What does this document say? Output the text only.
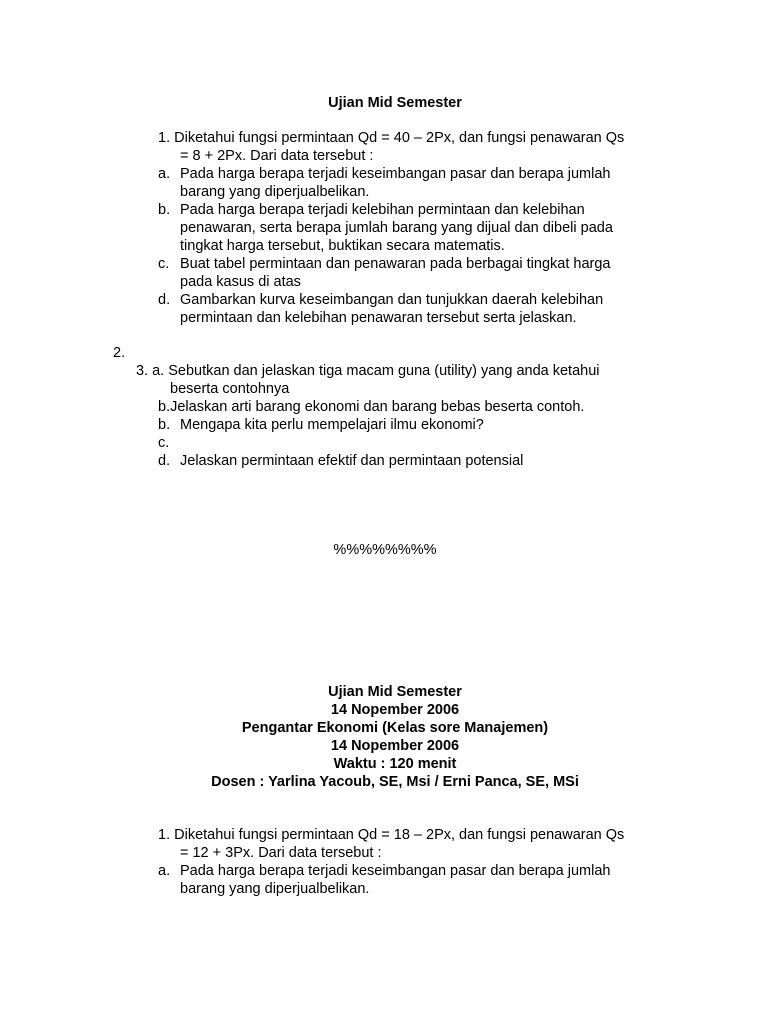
Ujian Mid Semester
1. Diketahui fungsi permintaan Qd = 40 – 2Px, dan fungsi penawaran Qs
= 8 + 2Px. Dari data tersebut :
a. Pada harga berapa terjadi keseimbangan pasar dan berapa jumlah
barang yang diperjualbelikan.
b. Pada harga berapa terjadi kelebihan permintaan dan kelebihan
penawaran, serta berapa jumlah barang yang dijual dan dibeli pada
tingkat harga tersebut, buktikan secara matematis.
c. Buat tabel permintaan dan penawaran pada berbagai tingkat harga
pada kasus di atas
d. Gambarkan kurva keseimbangan dan tunjukkan daerah kelebihan
permintaan dan kelebihan penawaran tersebut serta jelaskan.
2.
3. a. Sebutkan dan jelaskan tiga macam guna (utility) yang anda ketahui
beserta contohnya
b.Jelaskan arti barang ekonomi dan barang bebas beserta contoh.
b. Mengapa kita perlu mempelajari ilmu ekonomi?
c.
d. Jelaskan permintaan efektif dan permintaan potensial
%%%%%%%%
Ujian Mid Semester
14 Nopember 2006
Pengantar Ekonomi (Kelas sore Manajemen)
14 Nopember 2006
Waktu : 120 menit
Dosen : Yarlina Yacoub, SE, Msi / Erni Panca, SE, MSi
1. Diketahui fungsi permintaan Qd = 18 – 2Px, dan fungsi penawaran Qs
= 12 + 3Px. Dari data tersebut :
a. Pada harga berapa terjadi keseimbangan pasar dan berapa jumlah
barang yang diperjualbelikan.
